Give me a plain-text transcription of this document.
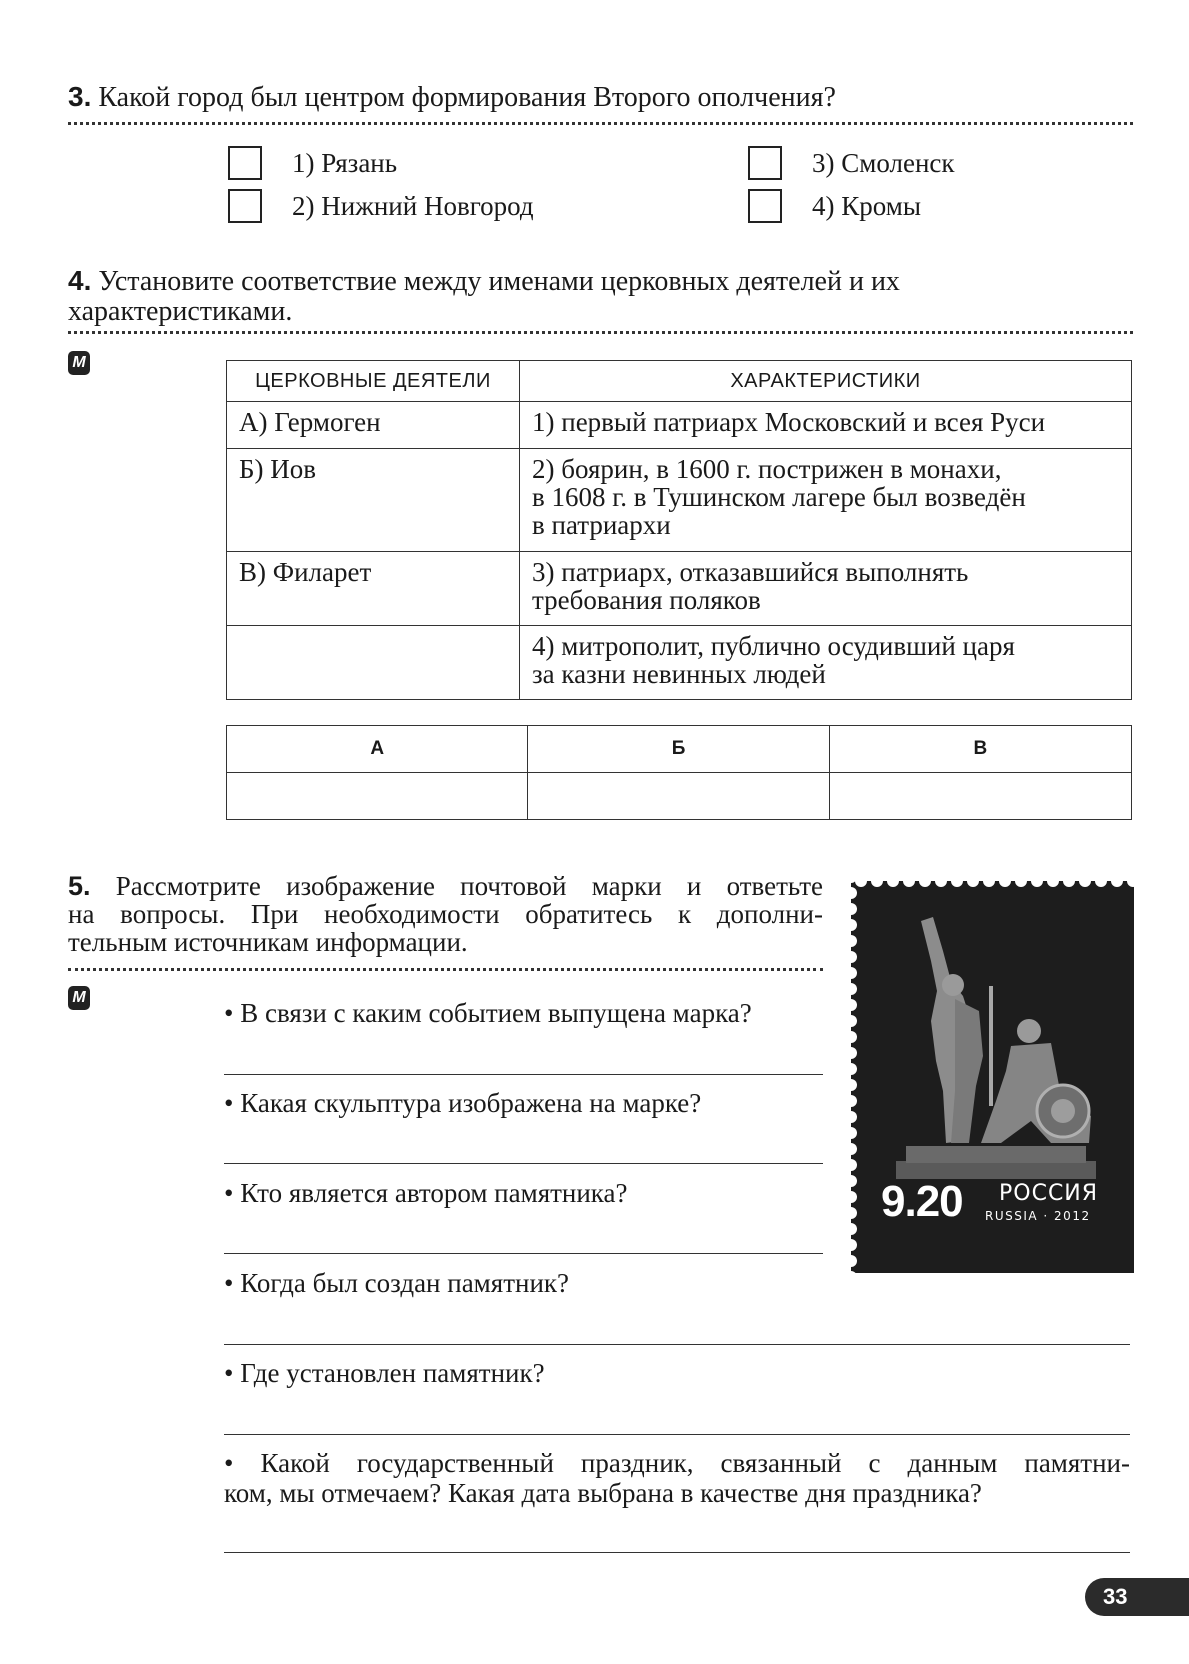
3. Какой город был центром формирования Второго ополчения?
1) Рязань
2) Нижний Новгород
3) Смоленск
4) Кромы
4. Установите соответствие между именами церковных деятелей и их
характеристиками.
М
ЦЕРКОВНЫЕ ДЕЯТЕЛИ	ХАРАКТЕРИСТИКИ
А) Гермоген	1) первый патриарх Московский и всея Руси

Б) Иов	2) боярин, в 1600 г. пострижен в монахи,
в 1608 г. в Тушинском лагере был возведён
в патриархи

В) Филарет	3) патриарх, отказавшийся выполнять
требования поляков

	4) митрополит, публично осудивший царя
за казни невинных людей
А	Б	В

5. Рассмотрите изображение почтовой марки и ответьте
на вопросы. При необходимости обратитесь к дополни-
тельным источникам информации.
М
• В связи с каким событием выпущена марка?
• Какая скульптура изображена на марке?
• Кто является автором памятника?
• Когда был создан памятник?
• Где установлен памятник?
• Какой государственный праздник, связанный с данным памятни-
ком, мы отмечаем? Какая дата выбрана в качестве дня праздника?
9.20 РОССИЯ
RUSSIA · 2012
33
